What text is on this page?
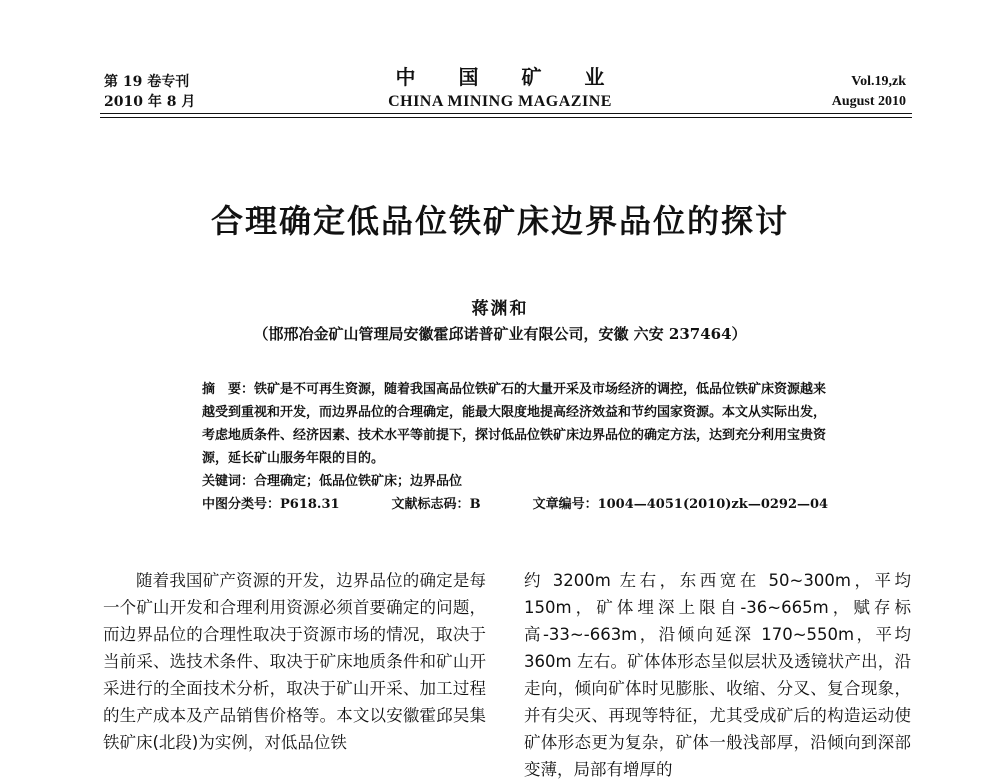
第 19 卷专刊
2010 年 8 月
中 国 矿 业
CHINA MINING MAGAZINE
Vol.19,zk
August 2010
合理确定低品位铁矿床边界品位的探讨
蒋渊和
（邯邢冶金矿山管理局安徽霍邱诺普矿业有限公司，安徽 六安 237464）

摘　要：铁矿是不可再生资源，随着我国高品位铁矿石的大量开采及市场经济的调控，低品位铁矿床资源越来越受到重视和开发，而边界品位的合理确定，能最大限度地提高经济效益和节约国家资源。本文从实际出发，考虑地质条件、经济因素、技术水平等前提下，探讨低品位铁矿床边界品位的确定方法，达到充分利用宝贵资源，延长矿山服务年限的目的。

关键词：合理确定；低品位铁矿床；边界品位

中图分类号：P618.31	文献标志码：B	文章编号：1004—4051(2010)zk—0292—04

随着我国矿产资源的开发，边界品位的确定是每一个矿山开发和合理利用资源必须首要确定的问题，而边界品位的合理性取决于资源市场的情况，取决于当前采、选技术条件、取决于矿床地质条件和矿山开采进行的全面技术分析，取决于矿山开采、加工过程的生产成本及产品销售价格等。本文以安徽霍邱吴集铁矿床(北段)为实例，对低品位铁

约 3200m 左右，东西宽在 50~300m，平均 150m，矿体埋深上限自-36~665m，赋存标高-33~-663m，沿倾向延深 170~550m，平均 360m 左右。矿体体形态呈似层状及透镜状产出，沿走向，倾向矿体时见膨胀、收缩、分叉、复合现象，并有尖灭、再现等特征，尤其受成矿后的构造运动使矿体形态更为复杂，矿体一般浅部厚，沿倾向到深部变薄，局部有增厚的
